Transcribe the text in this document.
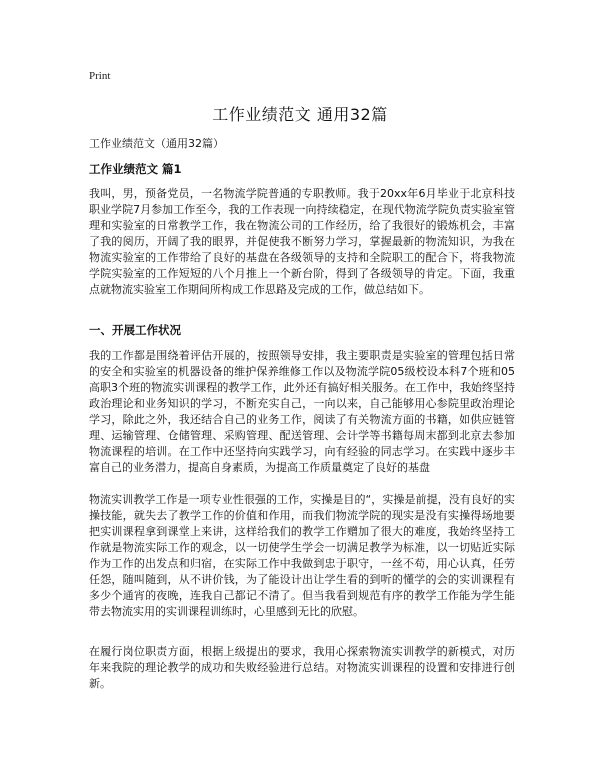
Print
工作业绩范文 通用32篇
工作业绩范文（通用32篇）
工作业绩范文 篇1
我叫，男，预备党员，一名物流学院普通的专职教师。我于20xx年6月毕业于北京科技职业学院7月参加工作至今，我的工作表现一向持续稳定，在现代物流学院负责实验室管理和实验室的日常教学工作，我在物流公司的工作经历，给了我很好的锻炼机会，丰富了我的阅历，开阔了我的眼界，并促使我不断努力学习，掌握最新的物流知识，为我在物流实验室的工作带给了良好的基盘在各级领导的支持和全院职工的配合下，将我物流学院实验室的工作短短的八个月推上一个新台阶，得到了各级领导的肯定。下面，我重点就物流实验室工作期间所构成工作思路及完成的工作，做总结如下。
一、开展工作状况
我的工作都是围绕着评估开展的，按照领导安排，我主要职责是实验室的管理包括日常的安全和实验室的机器设备的维护保养维修工作以及物流学院05级校设本科7个班和05高职3个班的物流实训课程的教学工作，此外还有搞好相关服务。在工作中，我始终坚持政治理论和业务知识的学习，不断充实自己，一向以来，自己能够用心参院里政治理论学习，除此之外，我还结合自己的业务工作，阅读了有关物流方面的书籍，如供应链管理、运输管理、仓储管理、采购管理、配送管理、会计学等书籍每周末都到北京去参加物流课程的培训。在工作中还坚持向实践学习，向有经验的同志学习。在实践中逐步丰富自己的业务潜力，提高自身素质，为提高工作质量奠定了良好的基盘
物流实训教学工作是一项专业性很强的工作，实操是目的“，实操是前提，没有良好的实操技能，就失去了教学工作的价值和作用，而我们物流学院的现实是没有实操得场地要把实训课程拿到课堂上来讲，这样给我们的教学工作赠加了很大的难度，我始终坚持工作就是物流实际工作的观念，以一切使学生学会一切满足教学为标准，以一切贴近实际作为工作的出发点和归宿，在实际工作中我做到忠于职守，一丝不苟，用心认真，任劳任怨，随叫随到，从不讲价钱，为了能设计出让学生看的到听的懂学的会的实训课程有多少个通宵的夜晚，连我自己都记不清了。但当我看到规范有序的教学工作能为学生能带去物流实用的实训课程训练时，心里感到无比的欣慰。
在履行岗位职责方面，根据上级提出的要求，我用心探索物流实训教学的新模式，对历年来我院的理论教学的成功和失败经验进行总结。对物流实训课程的设置和安排进行创新。
